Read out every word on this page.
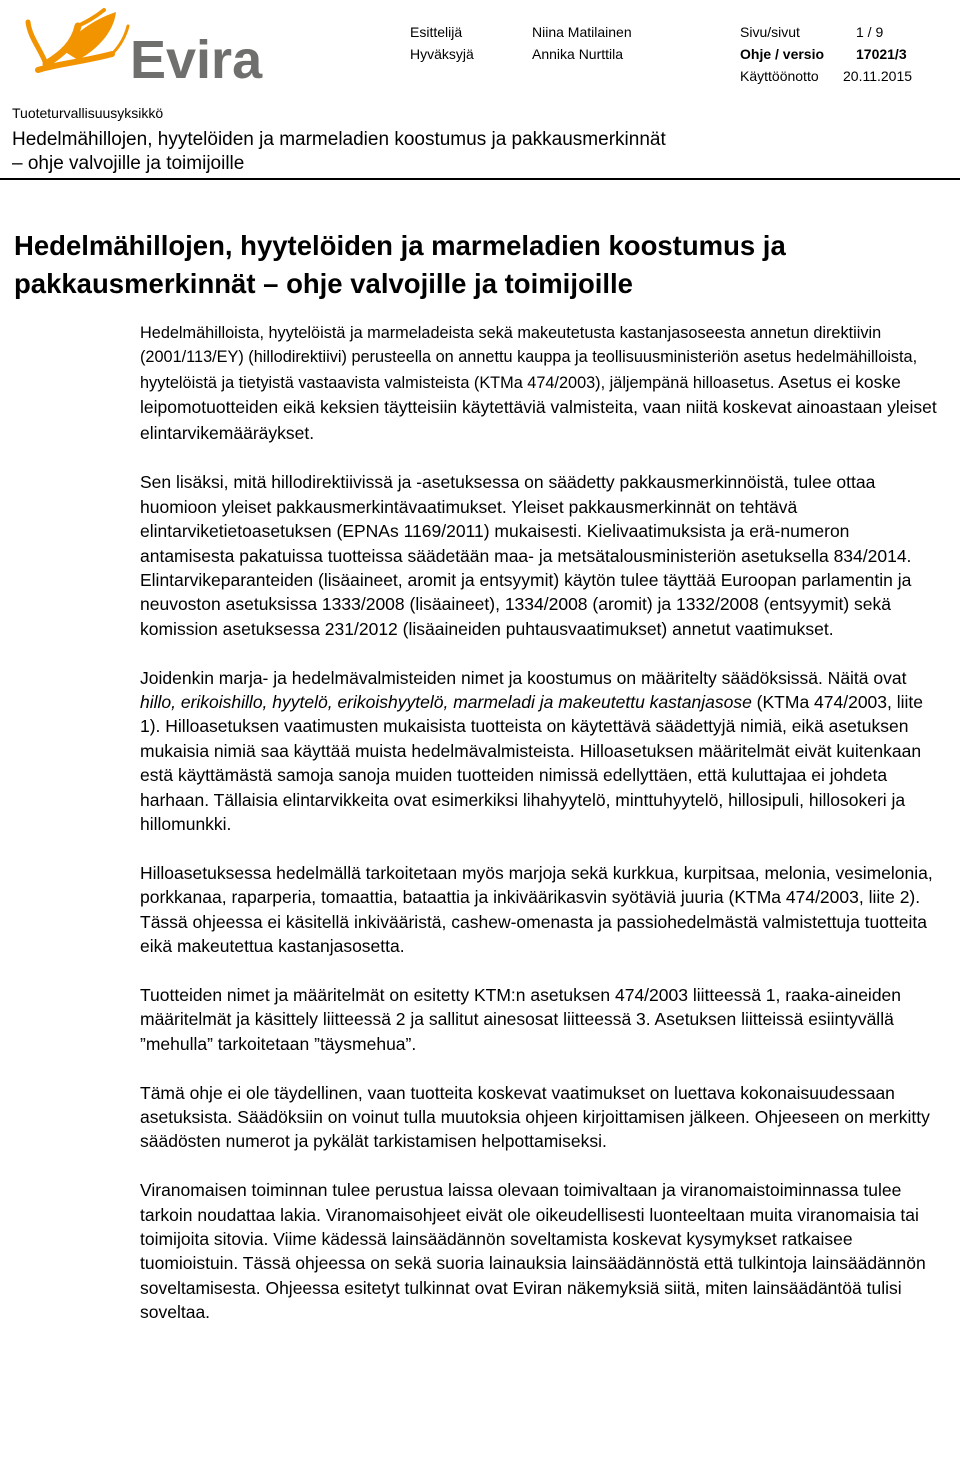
Evira	Esittelijä	Niina Matilainen	Sivu/sivut	1 / 9
Hyväksyjä	Annika Nurttila	Ohje / versio 17021/3
Käyttöönotto 20.11.2015
Tuoteturvallisuusyksikkö
Hedelmähillojen, hyytelöiden ja marmeladien koostumus ja pakkausmerkinnät
– ohje valvojille ja toimijoille
Hedelmähillojen, hyytelöiden ja marmeladien koostumus ja pakkausmerkinnät – ohje valvojille ja toimijoille

Hedelmähilloista, hyytelöistä ja marmeladeista sekä makeutetusta kastanjasoseesta annetun direktiivin (2001/113/EY) (hillodirektiivi) perusteella on annettu kauppa ja teollisuusministeriön asetus hedelmähilloista, hyytelöistä ja tietyistä vastaavista valmisteista (KTMa 474/2003), jäljempänä hilloasetus. Asetus ei koske leipomotuotteiden eikä keksien täytteisiin käytettäviä valmisteita, vaan niitä koskevat ainoastaan yleiset elintarvikemääräykset.

Sen lisäksi, mitä hillodirektiivissä ja -asetuksessa on säädetty pakkausmerkinnöistä, tulee ottaa huomioon yleiset pakkausmerkintävaatimukset. Yleiset pakkausmerkinnät on tehtävä elintarviketietoasetuksen (EPNAs 1169/2011) mukaisesti. Kielivaatimuksista ja erä-numeron antamisesta pakatuissa tuotteissa säädetään maa- ja metsätalousministeriön asetuksella 834/2014. Elintarvikeparanteiden (lisäaineet, aromit ja entsyymit) käytön tulee täyttää Euroopan parlamentin ja neuvoston asetuksissa 1333/2008 (lisäaineet), 1334/2008 (aromit) ja 1332/2008 (entsyymit) sekä komission asetuksessa 231/2012 (lisäaineiden puhtausvaatimukset) annetut vaatimukset.

Joidenkin marja- ja hedelmävalmisteiden nimet ja koostumus on määritelty säädöksissä. Näitä ovat hillo, erikoishillo, hyytelö, erikoishyytelö, marmeladi ja makeutettu kastanjasose (KTMa 474/2003, liite 1). Hilloasetuksen vaatimusten mukaisista tuotteista on käytettävä säädettyjä nimiä, eikä asetuksen mukaisia nimiä saa käyttää muista hedelmävalmisteista. Hilloasetuksen määritelmät eivät kuitenkaan estä käyttämästä samoja sanoja muiden tuotteiden nimissä edellyttäen, että kuluttajaa ei johdeta harhaan. Tällaisia elintarvikkeita ovat esimerkiksi lihahyytelö, minttuhyytelö, hillosipuli, hillosokeri ja hillomunkki.

Hilloasetuksessa hedelmällä tarkoitetaan myös marjoja sekä kurkkua, kurpitsaa, melonia, vesimelonia, porkkanaa, raparperia, tomaattia, bataattia ja inkiväärikasvin syötäviä juuria (KTMa 474/2003, liite 2). Tässä ohjeessa ei käsitellä inkivääristä, cashew-omenasta ja passiohedelmästä valmistettuja tuotteita eikä makeutettua kastanjasosetta.

Tuotteiden nimet ja määritelmät on esitetty KTM:n asetuksen 474/2003 liitteessä 1, raaka-aineiden määritelmät ja käsittely liitteessä 2 ja sallitut ainesosat liitteessä 3. Asetuksen liitteissä esiintyvällä ”mehulla” tarkoitetaan ”täysmehua”.

Tämä ohje ei ole täydellinen, vaan tuotteita koskevat vaatimukset on luettava kokonaisuudessaan asetuksista. Säädöksiin on voinut tulla muutoksia ohjeen kirjoittamisen jälkeen. Ohjeeseen on merkitty säädösten numerot ja pykälät tarkistamisen helpottamiseksi.

Viranomaisen toiminnan tulee perustua laissa olevaan toimivaltaan ja viranomaistoiminnassa tulee tarkoin noudattaa lakia. Viranomaisohjeet eivät ole oikeudellisesti luonteeltaan muita viranomaisia tai toimijoita sitovia. Viime kädessä lainsäädännön soveltamista koskevat kysymykset ratkaisee tuomioistuin. Tässä ohjeessa on sekä suoria lainauksia lainsäädännöstä että tulkintoja lainsäädännön soveltamisesta. Ohjeessa esitetyt tulkinnat ovat Eviran näkemyksiä siitä, miten lainsäädäntöä tulisi soveltaa.
